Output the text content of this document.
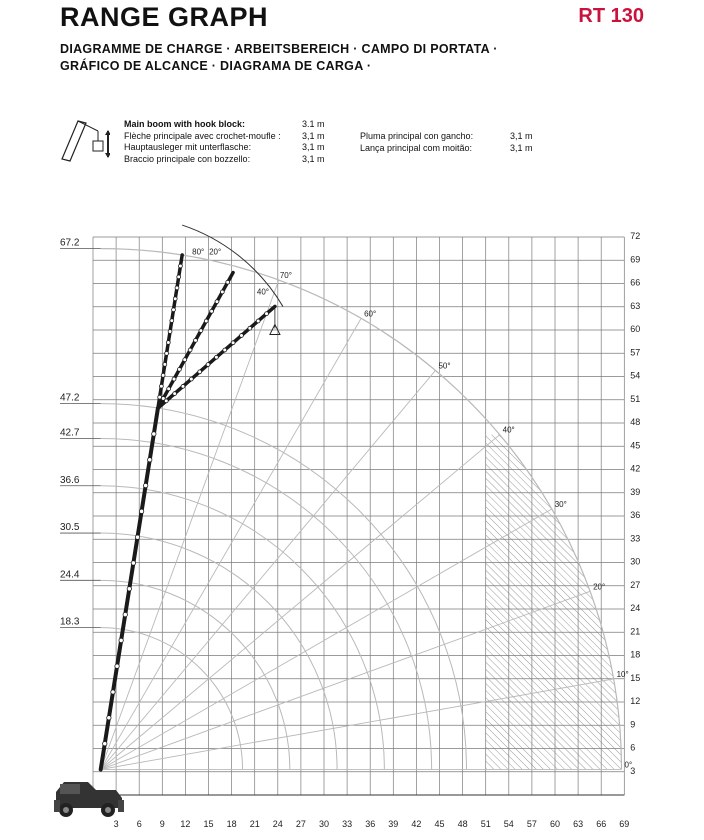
RANGE GRAPH	RT 130
DIAGRAMME DE CHARGE · ARBEITSBEREICH · CAMPO DI PORTATA ·
GRÁFICO DE ALCANCE · DIAGRAMA DE CARGA ·
Main boom with hook block:	3.1 m
Flèche principale avec crochet-moufle :	3,1 m
Hauptausleger mit unterflasche:	3,1 m
Braccio principale con bozzello:	3,1 m
Pluma principal con gancho:	3,1 m
Lança principal com moitão:	3,1 m
3 6 9 12 15 18 21 24 27 30 33 36 39 42 45 48 51 54 57 60 63 66 69
3
6
9
12
15
18
21
24
27
30
33
36
39
42
45
48
51
54
57
60
63
66
69
72
67.2
47.2
42.7
36.6
30.5
24.4
18.3
80°
70°
60°
50°
40°
30°
20°
10°
0°
20°
40°
